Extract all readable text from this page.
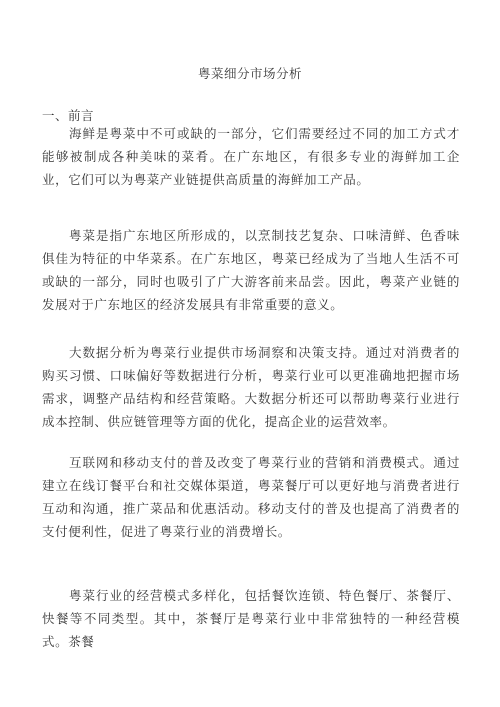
粤菜细分市场分析
一、前言

海鲜是粤菜中不可或缺的一部分，它们需要经过不同的加工方式才能够被制成各种美味的菜肴。在广东地区，有很多专业的海鲜加工企业，它们可以为粤菜产业链提供高质量的海鲜加工产品。

粤菜是指广东地区所形成的，以烹制技艺复杂、口味清鲜、色香味俱佳为特征的中华菜系。在广东地区，粤菜已经成为了当地人生活不可或缺的一部分，同时也吸引了广大游客前来品尝。因此，粤菜产业链的发展对于广东地区的经济发展具有非常重要的意义。

大数据分析为粤菜行业提供市场洞察和决策支持。通过对消费者的购买习惯、口味偏好等数据进行分析，粤菜行业可以更准确地把握市场需求，调整产品结构和经营策略。大数据分析还可以帮助粤菜行业进行成本控制、供应链管理等方面的优化，提高企业的运营效率。

互联网和移动支付的普及改变了粤菜行业的营销和消费模式。通过建立在线订餐平台和社交媒体渠道，粤菜餐厅可以更好地与消费者进行互动和沟通，推广菜品和优惠活动。移动支付的普及也提高了消费者的支付便利性，促进了粤菜行业的消费增长。

粤菜行业的经营模式多样化，包括餐饮连锁、特色餐厅、茶餐厅、快餐等不同类型。其中，茶餐厅是粤菜行业中非常独特的一种经营模式。茶餐
